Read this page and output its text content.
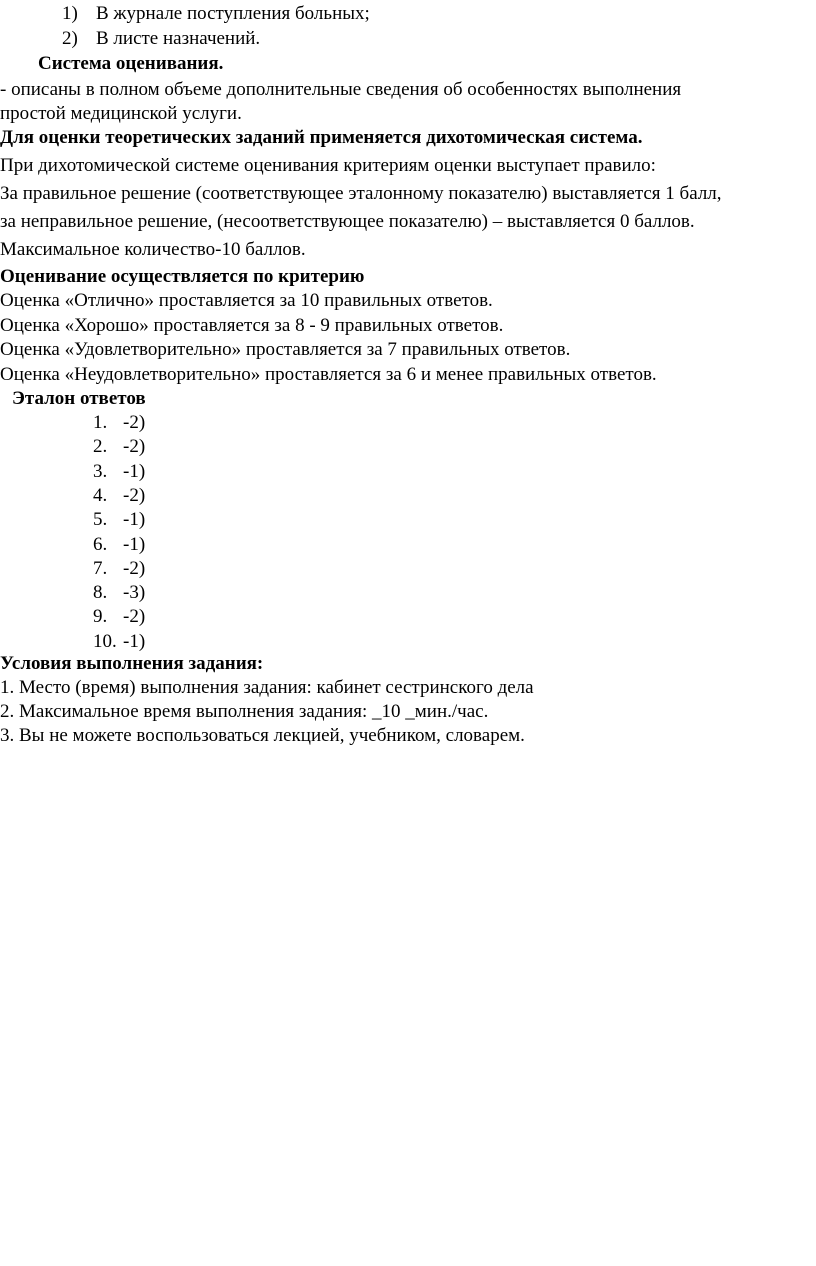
1) В журнале поступления больных;
2) В листе назначений.
Система оценивания.
- описаны в полном объеме дополнительные сведения об особенностях выполнения
простой медицинской услуги.
Для оценки теоретических заданий применяется дихотомическая система.
При дихотомической системе оценивания критериям оценки выступает правило:
За правильное решение (соответствующее эталонному показателю) выставляется 1 балл,
за неправильное решение, (несоответствующее показателю) – выставляется 0 баллов.
Максимальное количество-10 баллов.
Оценивание осуществляется по критерию
Оценка «Отлично» проставляется за 10 правильных ответов.
Оценка «Хорошо» проставляется за 8 - 9 правильных ответов.
Оценка «Удовлетворительно» проставляется за 7 правильных ответов.
Оценка «Неудовлетворительно» проставляется за 6 и менее правильных ответов.
Эталон ответов
1. -2)
2. -2)
3. -1)
4. -2)
5. -1)
6. -1)
7. -2)
8. -3)
9. -2)
10. -1)
Условия выполнения задания:
1. Место (время) выполнения задания: кабинет сестринского дела
2. Максимальное время выполнения задания: _10 _мин./час.
3. Вы не можете воспользоваться лекцией, учебником, словарем.
